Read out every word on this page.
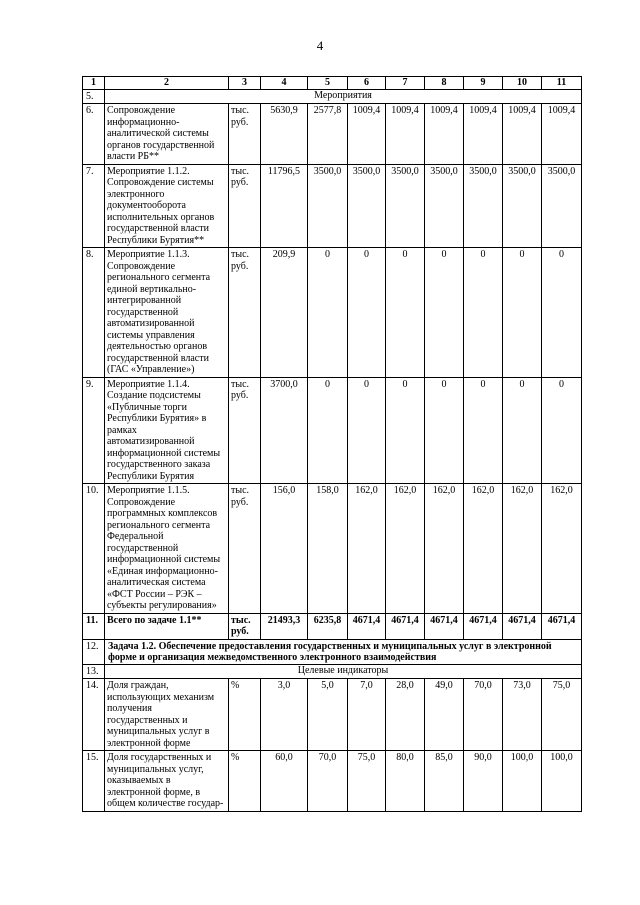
4
1	2	3	4	5	6	7	8	9	10	11
5.	Мероприятия									
6.	Сопровождение информационно-аналитической системы органов государственной власти РБ**	тыс. руб.	5630,9	2577,8	1009,4	1009,4	1009,4	1009,4	1009,4	1009,4
7.	Мероприятие 1.1.2. Сопровождение системы электронного документооборота исполнительных органов государственной власти Республики Бурятия**	тыс. руб.	11796,5	3500,0	3500,0	3500,0	3500,0	3500,0	3500,0	3500,0
8.	Мероприятие 1.1.3. Сопровождение регионального сегмента единой вертикально-интегрированной государственной автоматизированной системы управления деятельностью органов государственной власти (ГАС «Управление»)	тыс. руб.	209,9	0	0	0	0	0	0	0
9.	Мероприятие 1.1.4. Создание подсистемы «Публичные торги Республики Бурятия» в рамках автоматизированной информационной системы государственного заказа Республики Бурятия	тыс. руб.	3700,0	0	0	0	0	0	0	0
10.	Мероприятие 1.1.5. Сопровождение программных комплексов регионального сегмента Федеральной государственной информационной системы «Единая информационно-аналитическая система «ФСТ России – РЭК – субъекты регулирования»	тыс. руб.	156,0	158,0	162,0	162,0	162,0	162,0	162,0	162,0
11.	Всего по задаче 1.1**	тыс. руб.	21493,3	6235,8	4671,4	4671,4	4671,4	4671,4	4671,4	4671,4
12.	Задача 1.2. Обеспечение предоставления государственных и муниципальных услуг в электронной форме и организация межведомственного электронного взаимодействия									
13.	Целевые индикаторы									
14.	Доля граждан, использующих механизм получения государственных и муниципальных услуг в электронной форме	%	3,0	5,0	7,0	28,0	49,0	70,0	73,0	75,0
15.	Доля государственных и муниципальных услуг, оказываемых в электронной форме, в общем количестве государ-	%	60,0	70,0	75,0	80,0	85,0	90,0	100,0	100,0
